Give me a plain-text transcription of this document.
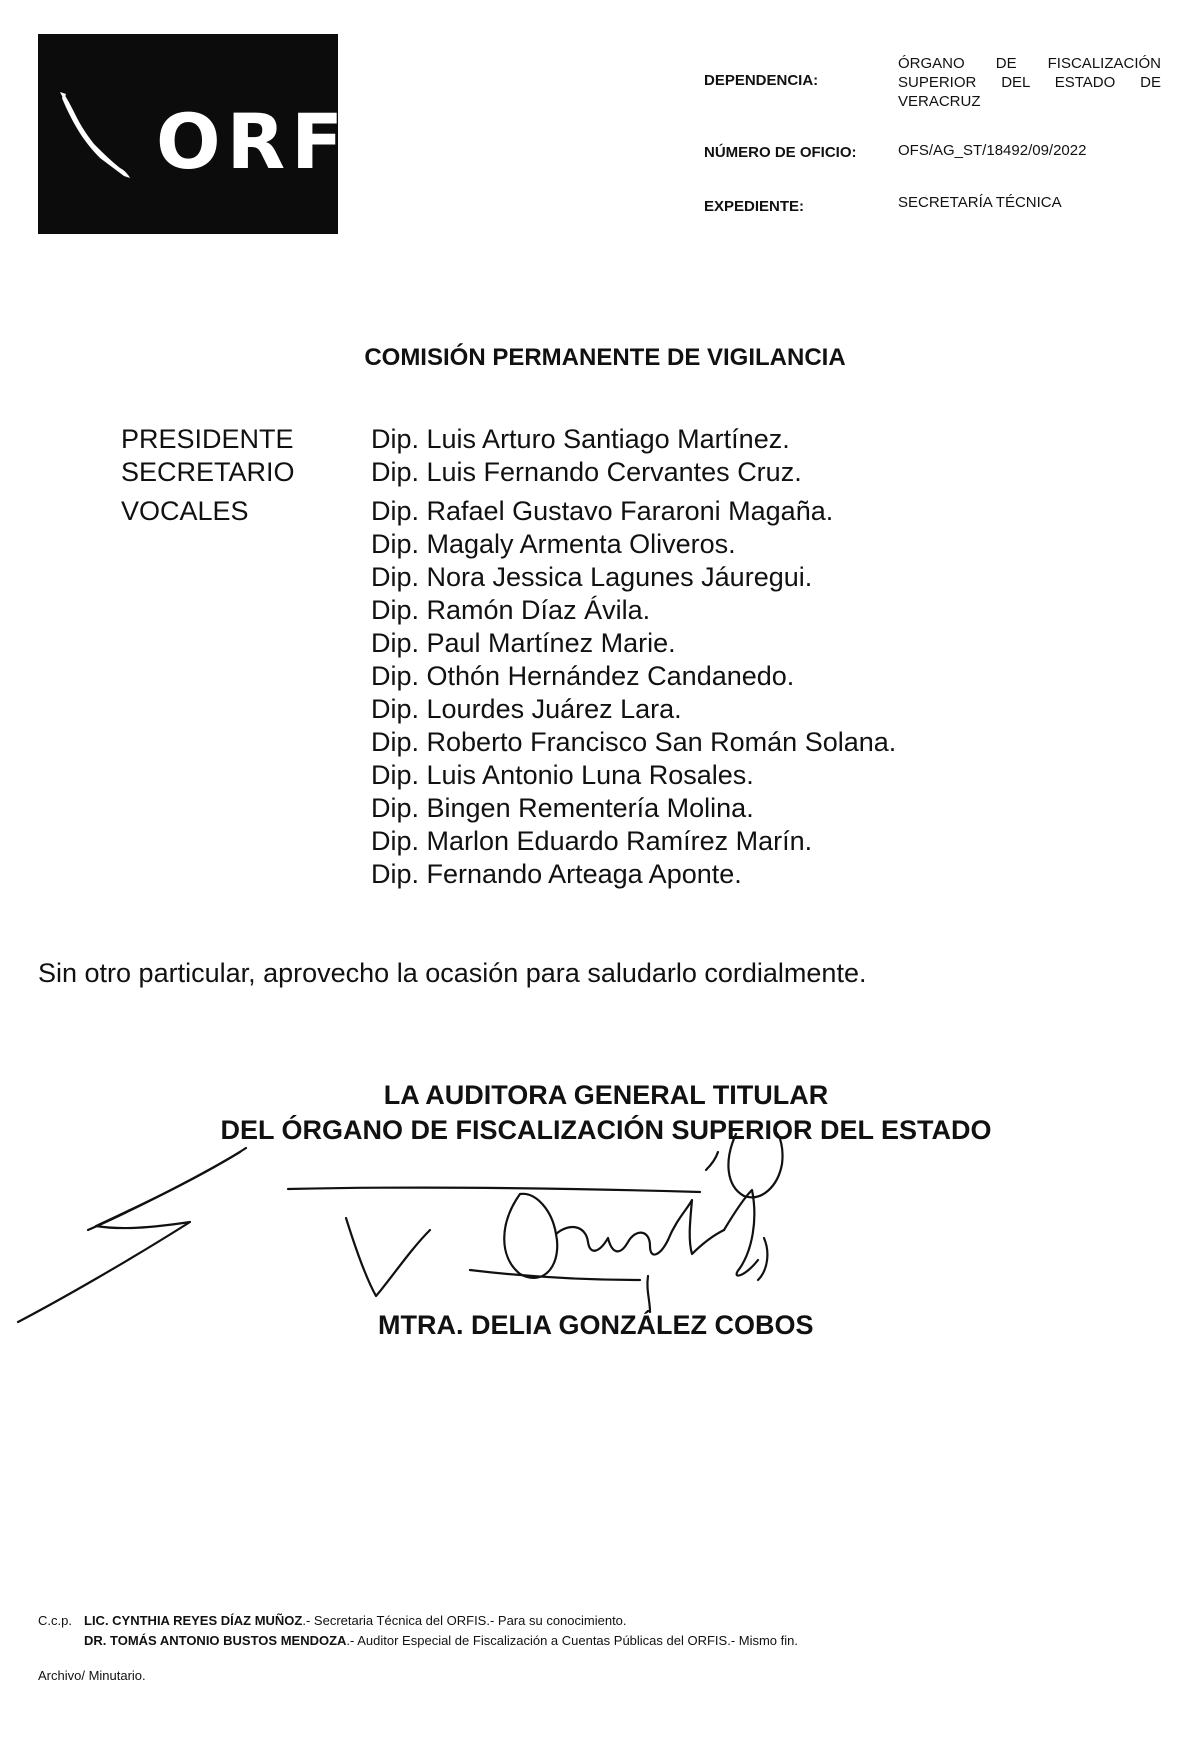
ORFIS
DEPENDENCIA:
ÓRGANO DE FISCALIZACIÓN SUPERIOR DEL ESTADO DE VERACRUZ
NÚMERO DE OFICIO:	OFS/AG_ST/18492/09/2022
EXPEDIENTE:	SECRETARÍA TÉCNICA
COMISIÓN PERMANENTE DE VIGILANCIA
PRESIDENTE
SECRETARIO
VOCALES
Dip. Luis Arturo Santiago Martínez.
Dip. Luis Fernando Cervantes Cruz.
Dip. Rafael Gustavo Fararoni Magaña.
Dip. Magaly Armenta Oliveros.
Dip. Nora Jessica Lagunes Jáuregui.
Dip. Ramón Díaz Ávila.
Dip. Paul Martínez Marie.
Dip. Othón Hernández Candanedo.
Dip. Lourdes Juárez Lara.
Dip. Roberto Francisco San Román Solana.
Dip. Luis Antonio Luna Rosales.
Dip. Bingen Rementería Molina.
Dip. Marlon Eduardo Ramírez Marín.
Dip. Fernando Arteaga Aponte.
Sin otro particular, aprovecho la ocasión para saludarlo cordialmente.
LA AUDITORA GENERAL TITULAR
DEL ÓRGANO DE FISCALIZACIÓN SUPERIOR DEL ESTADO
MTRA. DELIA GONZÁLEZ COBOS
C.c.p. LIC. CYNTHIA REYES DÍAZ MUÑOZ.- Secretaria Técnica del ORFIS.- Para su conocimiento.
DR. TOMÁS ANTONIO BUSTOS MENDOZA.- Auditor Especial de Fiscalización a Cuentas Públicas del ORFIS.- Mismo fin.
Archivo/ Minutario.
